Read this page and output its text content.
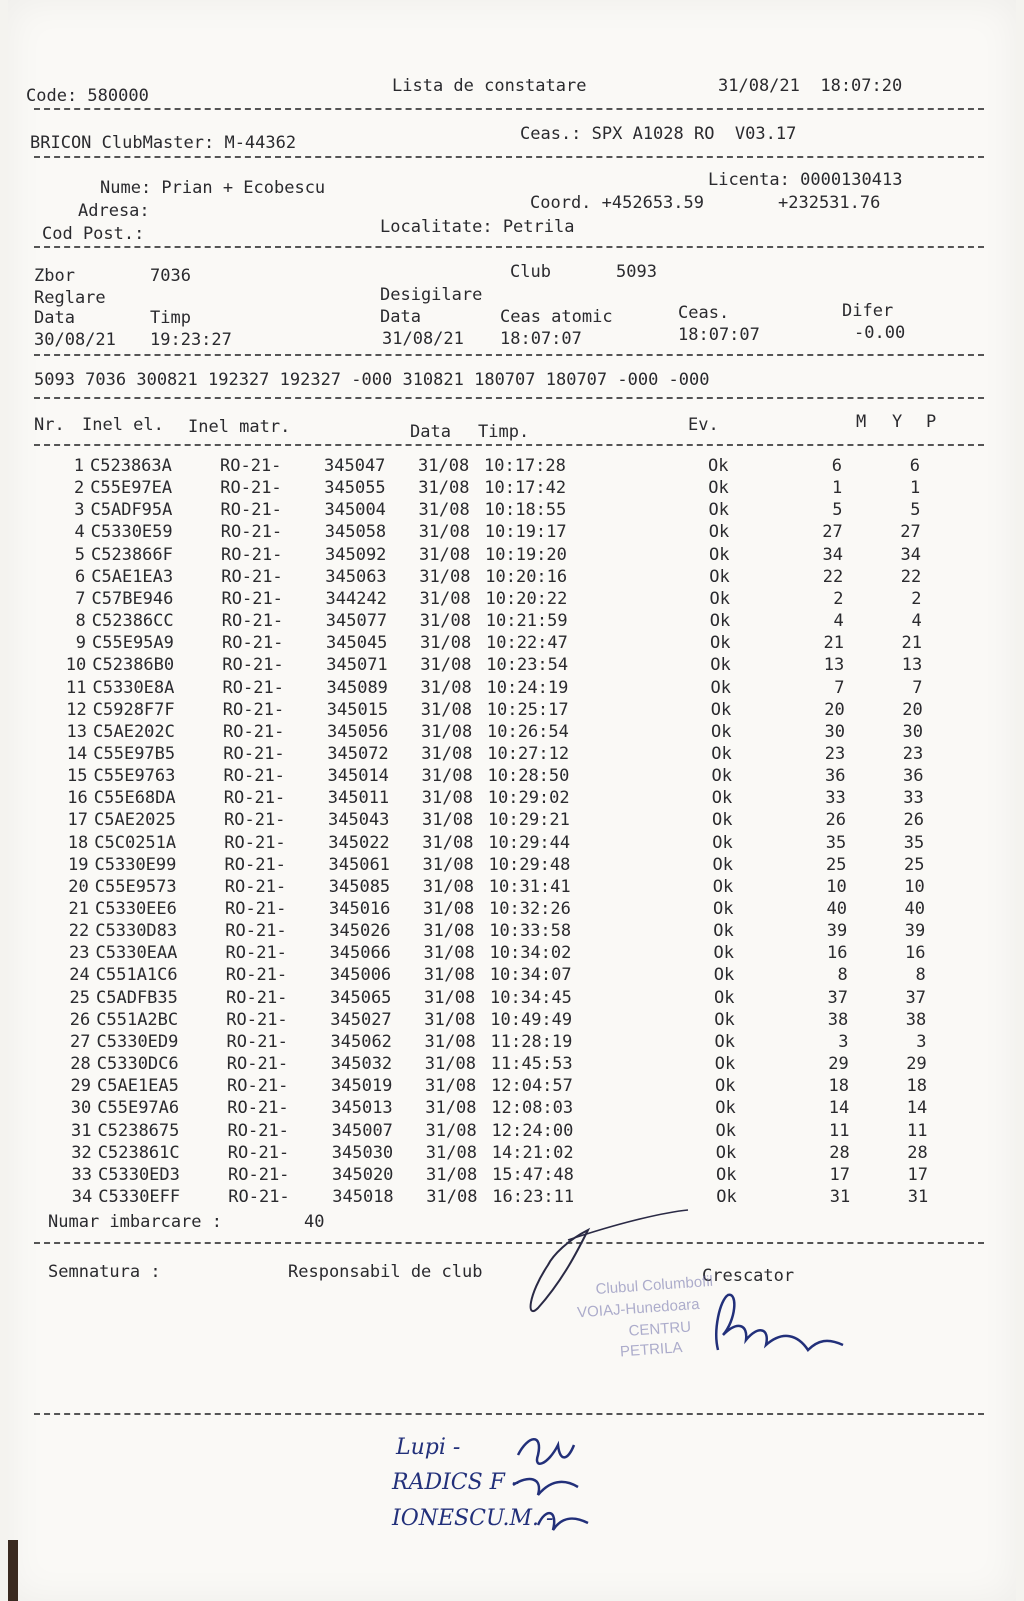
Code: 580000	Lista de constatare	31/08/21  18:07:20
BRICON ClubMaster: M-44362	Ceas.: SPX A1028 RO  V03.17
Nume: Prian + Ecobescu	Licenta: 0000130413
Adresa:	Coord. +452653.59	+232531.76
Cod Post.:	Localitate: Petrila
Zbor	7036	Club	5093
Reglare	Desigilare
Data	Timp	Data	Ceas atomic	Ceas.	Difer
30/08/21 19:23:27	31/08/21 18:07:07	18:07:07	-0.00
5093 7036 300821 192327 192327 -000 310821 180707 180707 -000 -000
Nr. Inel el. Inel matr.	Data Timp.	Ev.	M Y P
1 C523863A	RO-21-	345047 31/08 10:17:28	Ok	6	6
2 C55E97EA	RO-21-	345055 31/08 10:17:42	Ok	1	1
3 C5ADF95A	RO-21-	345004 31/08 10:18:55	Ok	5	5
4 C5330E59	RO-21-	345058 31/08 10:19:17	Ok	27	27
5 C523866F	RO-21-	345092 31/08 10:19:20	Ok	34	34
6 C5AE1EA3	RO-21-	345063 31/08 10:20:16	Ok	22	22
7 C57BE946	RO-21-	344242 31/08 10:20:22	Ok	2	2
8 C52386CC	RO-21-	345077 31/08 10:21:59	Ok	4	4
9 C55E95A9	RO-21-	345045 31/08 10:22:47	Ok	21	21
10 C52386B0	RO-21-	345071 31/08 10:23:54	Ok	13	13
11 C5330E8A	RO-21-	345089 31/08 10:24:19	Ok	7	7
12 C5928F7F	RO-21-	345015 31/08 10:25:17	Ok	20	20
13 C5AE202C	RO-21-	345056 31/08 10:26:54	Ok	30	30
14 C55E97B5	RO-21-	345072 31/08 10:27:12	Ok	23	23
15 C55E9763	RO-21-	345014 31/08 10:28:50	Ok	36	36
16 C55E68DA	RO-21-	345011 31/08 10:29:02	Ok	33	33
17 C5AE2025	RO-21-	345043 31/08 10:29:21	Ok	26	26
18 C5C0251A	RO-21-	345022 31/08 10:29:44	Ok	35	35
19 C5330E99	RO-21-	345061 31/08 10:29:48	Ok	25	25
20 C55E9573	RO-21-	345085 31/08 10:31:41	Ok	10	10
21 C5330EE6	RO-21-	345016 31/08 10:32:26	Ok	40	40
22 C5330D83	RO-21-	345026 31/08 10:33:58	Ok	39	39
23 C5330EAA	RO-21-	345066 31/08 10:34:02	Ok	16	16
24 C551A1C6	RO-21-	345006 31/08 10:34:07	Ok	8	8
25 C5ADFB35	RO-21-	345065 31/08 10:34:45	Ok	37	37
26 C551A2BC	RO-21-	345027 31/08 10:49:49	Ok	38	38
27 C5330ED9	RO-21-	345062 31/08 11:28:19	Ok	3	3
28 C5330DC6	RO-21-	345032 31/08 11:45:53	Ok	29	29
29 C5AE1EA5	RO-21-	345019 31/08 12:04:57	Ok	18	18
30 C55E97A6	RO-21-	345013 31/08 12:08:03	Ok	14	14
31 C5238675	RO-21-	345007 31/08 12:24:00	Ok	11	11
32 C523861C	RO-21-	345030 31/08 14:21:02	Ok	28	28
33 C5330ED3	RO-21-	345020 31/08 15:47:48	Ok	17	17
34 C5330EFF	RO-21-	345018 31/08 16:23:11	Ok	31	31
Numar imbarcare :	40
Semnatura :	Responsabil de club	Crescator
Clubul Columbofil
VOIAJ-Hunedoara
CENTRU
PETRILA
Lupi -
RADICS F -
IONESCU.M. -
